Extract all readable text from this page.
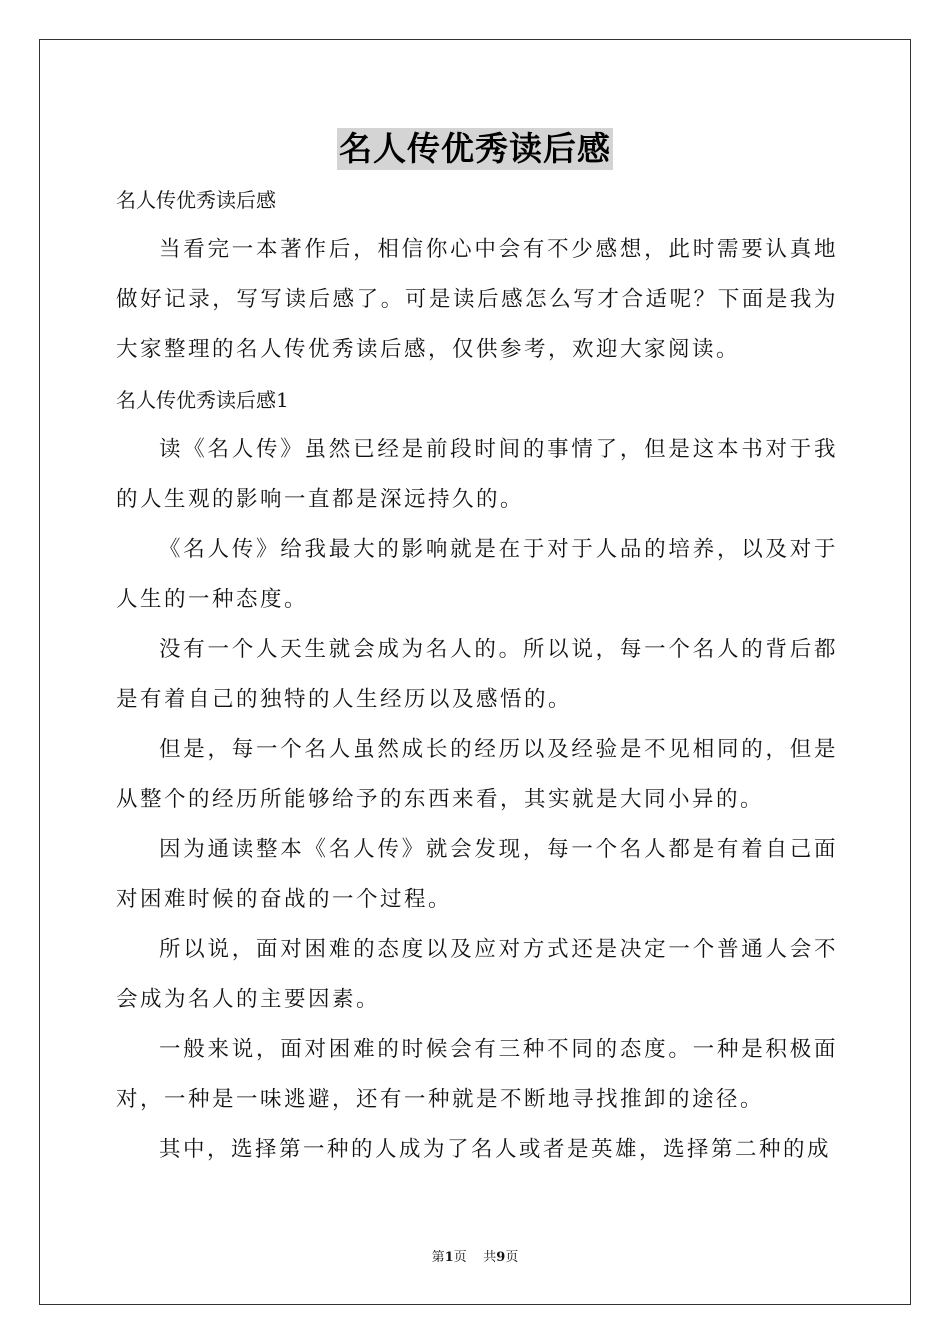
名人传优秀读后感

名人传优秀读后感

当看完一本著作后，相信你心中会有不少感想，此时需要认真地做好记录，写写读后感了。可是读后感怎么写才合适呢？下面是我为大家整理的名人传优秀读后感，仅供参考，欢迎大家阅读。

名人传优秀读后感1

读《名人传》虽然已经是前段时间的事情了，但是这本书对于我的人生观的影响一直都是深远持久的。

《名人传》给我最大的影响就是在于对于人品的培养，以及对于人生的一种态度。

没有一个人天生就会成为名人的。所以说，每一个名人的背后都是有着自己的独特的人生经历以及感悟的。

但是，每一个名人虽然成长的经历以及经验是不见相同的，但是从整个的经历所能够给予的东西来看，其实就是大同小异的。

因为通读整本《名人传》就会发现，每一个名人都是有着自己面对困难时候的奋战的一个过程。

所以说，面对困难的态度以及应对方式还是决定一个普通人会不会成为名人的主要因素。

一般来说，面对困难的时候会有三种不同的态度。一种是积极面对，一种是一味逃避，还有一种就是不断地寻找推卸的途径。

其中，选择第一种的人成为了名人或者是英雄，选择第二种的成

第1页 共9页
